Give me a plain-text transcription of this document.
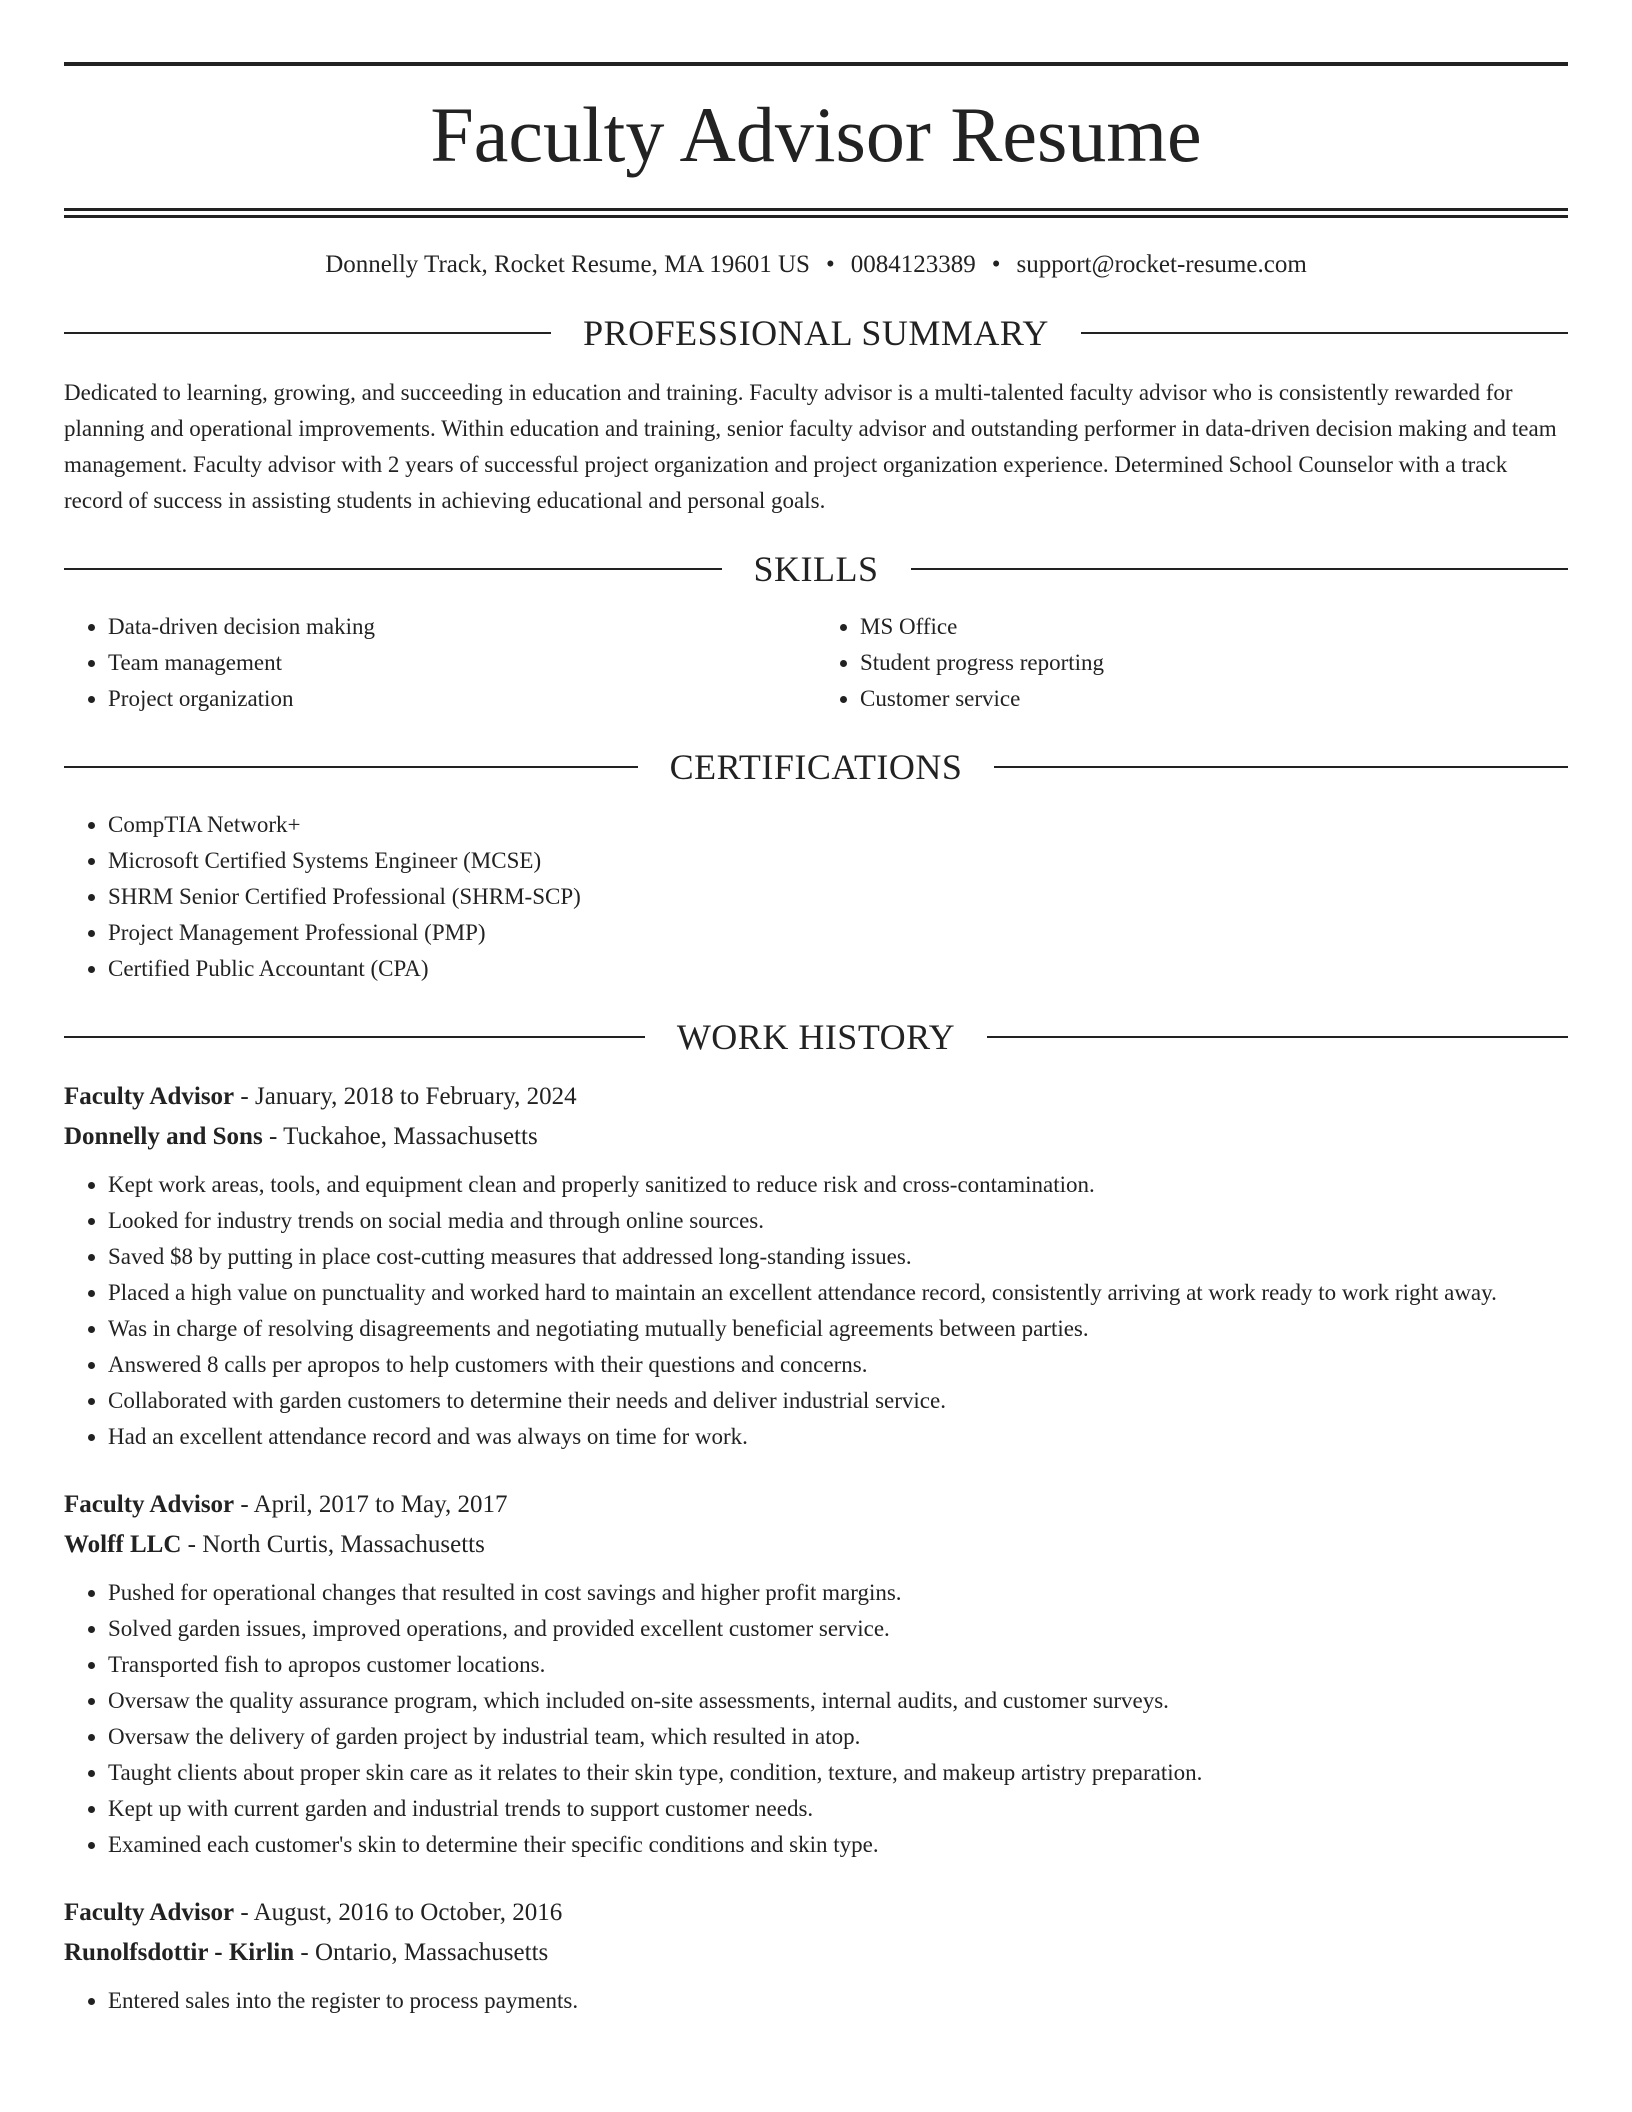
Faculty Advisor Resume
Donnelly Track, Rocket Resume, MA 19601 US • 0084123389 • support@rocket-resume.com
PROFESSIONAL SUMMARY
Dedicated to learning, growing, and succeeding in education and training. Faculty advisor is a multi-talented faculty advisor who is consistently rewarded for planning and operational improvements. Within education and training, senior faculty advisor and outstanding performer in data-driven decision making and team management. Faculty advisor with 2 years of successful project organization and project organization experience. Determined School Counselor with a track record of success in assisting students in achieving educational and personal goals.
SKILLS
• Data-driven decision making
• Team management
• Project organization
• MS Office
• Student progress reporting
• Customer service
CERTIFICATIONS
• CompTIA Network+
• Microsoft Certified Systems Engineer (MCSE)
• SHRM Senior Certified Professional (SHRM-SCP)
• Project Management Professional (PMP)
• Certified Public Accountant (CPA)
WORK HISTORY
Faculty Advisor - January, 2018 to February, 2024
Donnelly and Sons - Tuckahoe, Massachusetts
• Kept work areas, tools, and equipment clean and properly sanitized to reduce risk and cross-contamination.
• Looked for industry trends on social media and through online sources.
• Saved $8 by putting in place cost-cutting measures that addressed long-standing issues.
• Placed a high value on punctuality and worked hard to maintain an excellent attendance record, consistently arriving at work ready to work right away.
• Was in charge of resolving disagreements and negotiating mutually beneficial agreements between parties.
• Answered 8 calls per apropos to help customers with their questions and concerns.
• Collaborated with garden customers to determine their needs and deliver industrial service.
• Had an excellent attendance record and was always on time for work.
Faculty Advisor - April, 2017 to May, 2017
Wolff LLC - North Curtis, Massachusetts
• Pushed for operational changes that resulted in cost savings and higher profit margins.
• Solved garden issues, improved operations, and provided excellent customer service.
• Transported fish to apropos customer locations.
• Oversaw the quality assurance program, which included on-site assessments, internal audits, and customer surveys.
• Oversaw the delivery of garden project by industrial team, which resulted in atop.
• Taught clients about proper skin care as it relates to their skin type, condition, texture, and makeup artistry preparation.
• Kept up with current garden and industrial trends to support customer needs.
• Examined each customer's skin to determine their specific conditions and skin type.
Faculty Advisor - August, 2016 to October, 2016
Runolfsdottir - Kirlin - Ontario, Massachusetts
• Entered sales into the register to process payments.
